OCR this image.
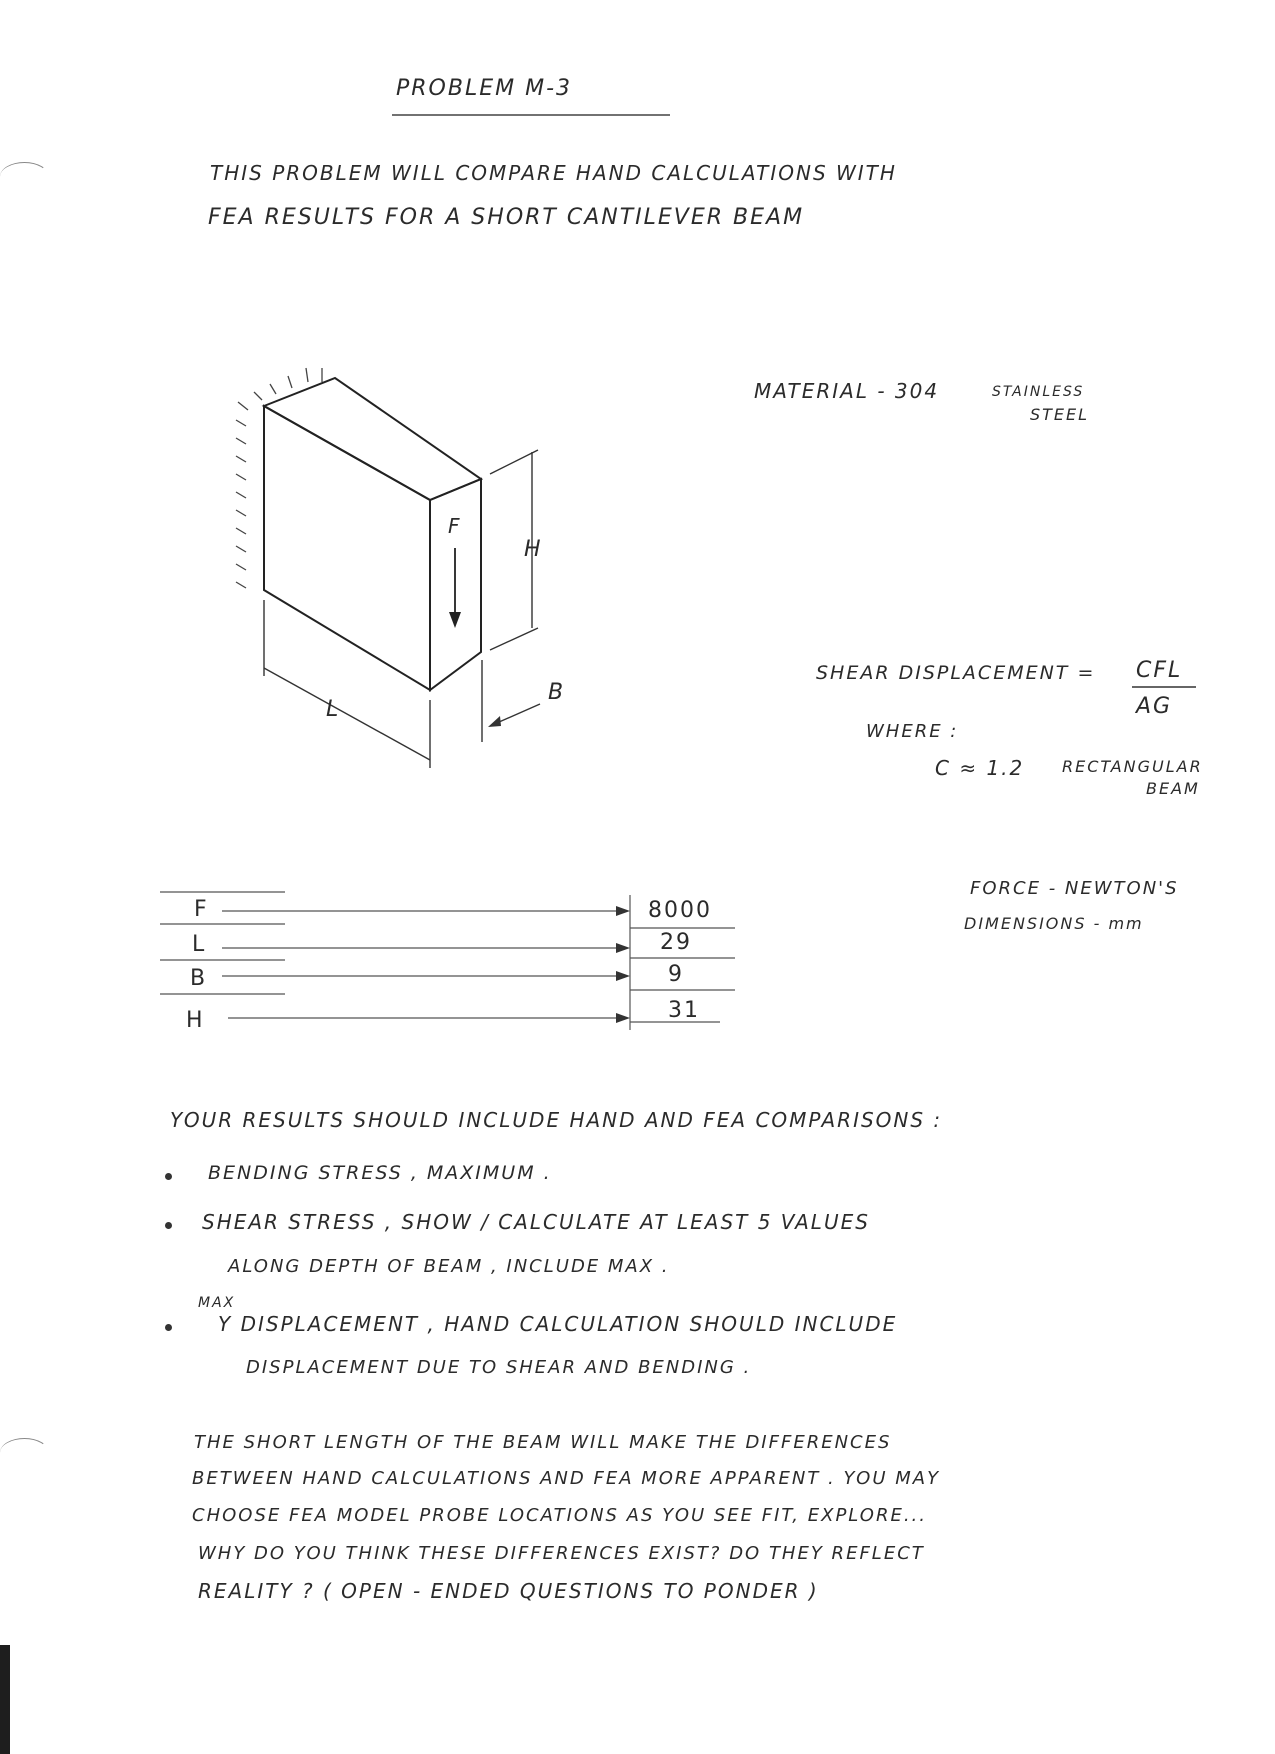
PROBLEM M-3
THIS PROBLEM WILL COMPARE HAND CALCULATIONS WITH
FEA RESULTS FOR A SHORT CANTILEVER BEAM
F
H
L
B
MATERIAL - 304	STAINLESS
STEEL
SHEAR DISPLACEMENT = CFL
AG
WHERE :
C ≈ 1.2 RECTANGULAR
BEAM
F
L
B
H
8000
29
9
31
FORCE - NEWTON'S
DIMENSIONS - mm
YOUR RESULTS SHOULD INCLUDE HAND AND FEA COMPARISONS :
BENDING STRESS , MAXIMUM .
SHEAR STRESS , SHOW / CALCULATE AT LEAST 5 VALUES
ALONG DEPTH OF BEAM , INCLUDE MAX .
MAX
Y DISPLACEMENT , HAND CALCULATION SHOULD INCLUDE
DISPLACEMENT DUE TO SHEAR AND BENDING .
THE SHORT LENGTH OF THE BEAM WILL MAKE THE DIFFERENCES
BETWEEN HAND CALCULATIONS AND FEA MORE APPARENT . YOU MAY
CHOOSE FEA MODEL PROBE LOCATIONS AS YOU SEE FIT, EXPLORE...
WHY DO YOU THINK THESE DIFFERENCES EXIST? DO THEY REFLECT
REALITY ? ( OPEN - ENDED QUESTIONS TO PONDER )
